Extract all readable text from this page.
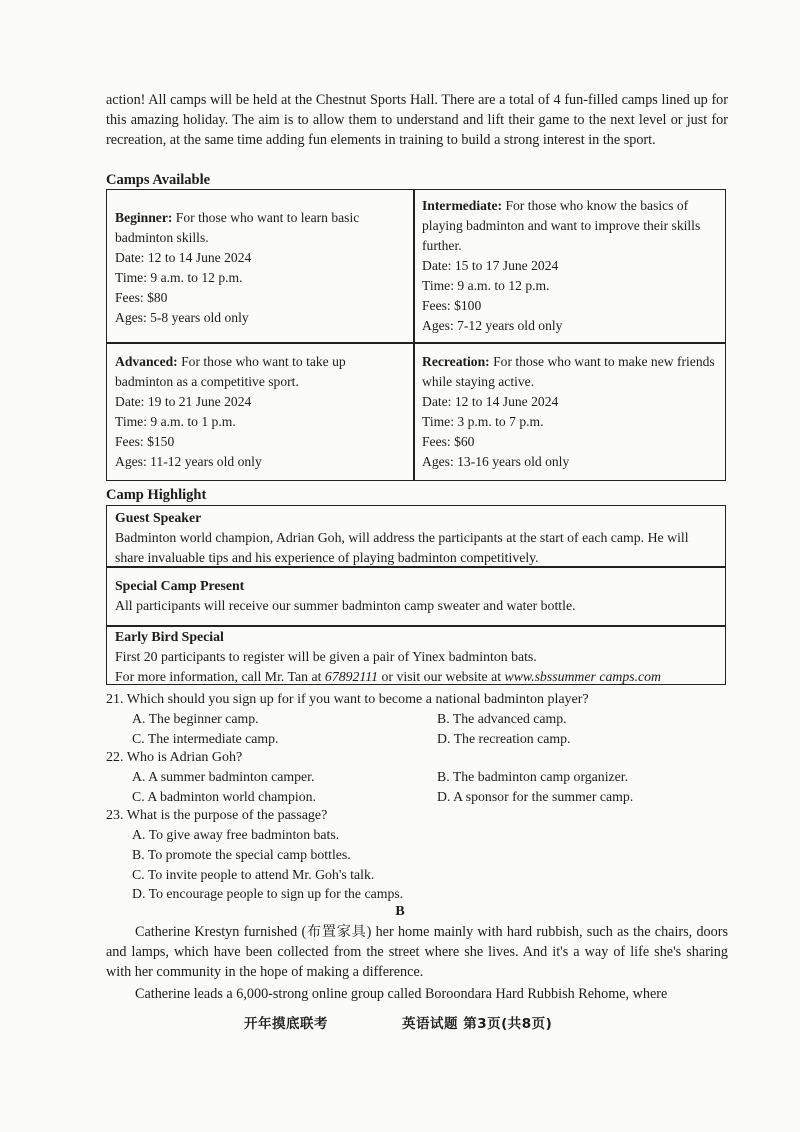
action! All camps will be held at the Chestnut Sports Hall. There are a total of 4 fun-filled camps lined up for this amazing holiday. The aim is to allow them to understand and lift their game to the next level or just for recreation, at the same time adding fun elements in training to build a strong interest in the sport.
Camps Available
Beginner: For those who want to learn basic badminton skills.
Date: 12 to 14 June 2024
Time: 9 a.m. to 12 p.m.
Fees: $80
Ages: 5-8 years old only
Intermediate: For those who know the basics of playing badminton and want to improve their skills further.
Date: 15 to 17 June 2024
Time: 9 a.m. to 12 p.m.
Fees: $100
Ages: 7-12 years old only
Advanced: For those who want to take up badminton as a competitive sport.
Date: 19 to 21 June 2024
Time: 9 a.m. to 1 p.m.
Fees: $150
Ages: 11-12 years old only
Recreation: For those who want to make new friends while staying active.
Date: 12 to 14 June 2024
Time: 3 p.m. to 7 p.m.
Fees: $60
Ages: 13-16 years old only
Camp Highlight
Guest Speaker
Badminton world champion, Adrian Goh, will address the participants at the start of each camp. He will share invaluable tips and his experience of playing badminton competitively.
Special Camp Present
All participants will receive our summer badminton camp sweater and water bottle.
Early Bird Special
First 20 participants to register will be given a pair of Yinex badminton bats.
For more information, call Mr. Tan at 67892111 or visit our website at www.sbssummer camps.com
21. Which should you sign up for if you want to become a national badminton player?
A. The beginner camp.	B. The advanced camp.
C. The intermediate camp.	D. The recreation camp.
22. Who is Adrian Goh?
A. A summer badminton camper.	B. The badminton camp organizer.
C. A badminton world champion.	D. A sponsor for the summer camp.
23. What is the purpose of the passage?
A. To give away free badminton bats.
B. To promote the special camp bottles.
C. To invite people to attend Mr. Goh's talk.
D. To encourage people to sign up for the camps.
B
Catherine Krestyn furnished (布置家具) her home mainly with hard rubbish, such as the chairs, doors and lamps, which have been collected from the street where she lives. And it's a way of life she's sharing with her community in the hope of making a difference.
Catherine leads a 6,000-strong online group called Boroondara Hard Rubbish Rehome, where
开年摸底联考	英语试题 第3页(共8页)
